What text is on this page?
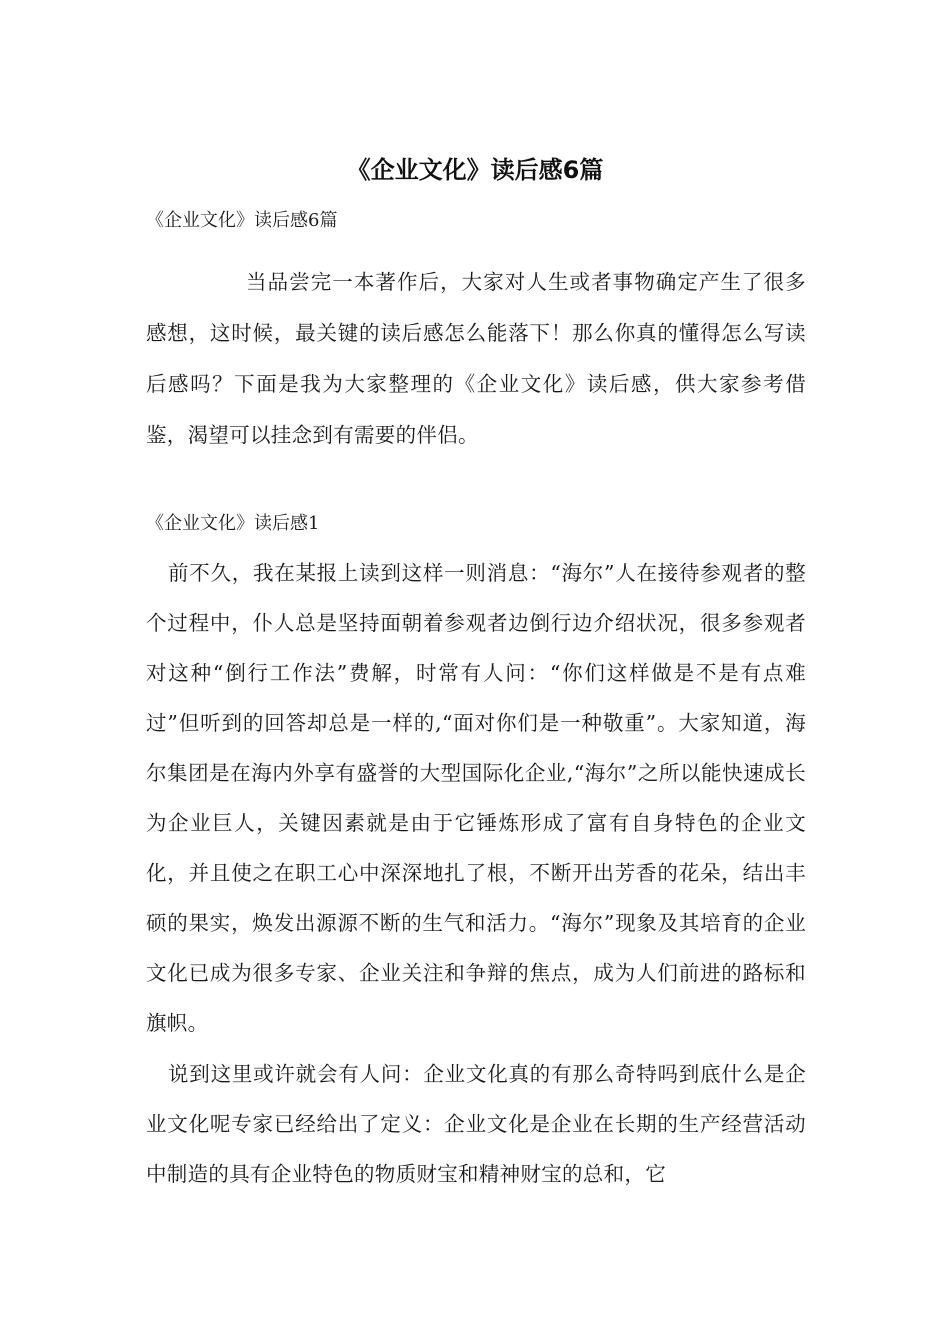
《企业文化》读后感6篇
《企业文化》读后感6篇

当品尝完一本著作后，大家对人生或者事物确定产生了很多感想，这时候，最关键的读后感怎么能落下！那么你真的懂得怎么写读后感吗？下面是我为大家整理的《企业文化》读后感，供大家参考借鉴，渴望可以挂念到有需要的伴侣。

《企业文化》读后感1

前不久，我在某报上读到这样一则消息：“海尔”人在接待参观者的整个过程中，仆人总是坚持面朝着参观者边倒行边介绍状况，很多参观者对这种“倒行工作法”费解，时常有人问：“你们这样做是不是有点难过”但听到的回答却总是一样的,“面对你们是一种敬重”。大家知道，海尔集团是在海内外享有盛誉的大型国际化企业,“海尔”之所以能快速成长为企业巨人，关键因素就是由于它锤炼形成了富有自身特色的企业文化，并且使之在职工心中深深地扎了根，不断开出芳香的花朵，结出丰硕的果实，焕发出源源不断的生气和活力。“海尔”现象及其培育的企业文化已成为很多专家、企业关注和争辩的焦点，成为人们前进的路标和旗帜。

说到这里或许就会有人问：企业文化真的有那么奇特吗到底什么是企业文化呢专家已经给出了定义：企业文化是企业在长期的生产经营活动中制造的具有企业特色的物质财宝和精神财宝的总和，它
